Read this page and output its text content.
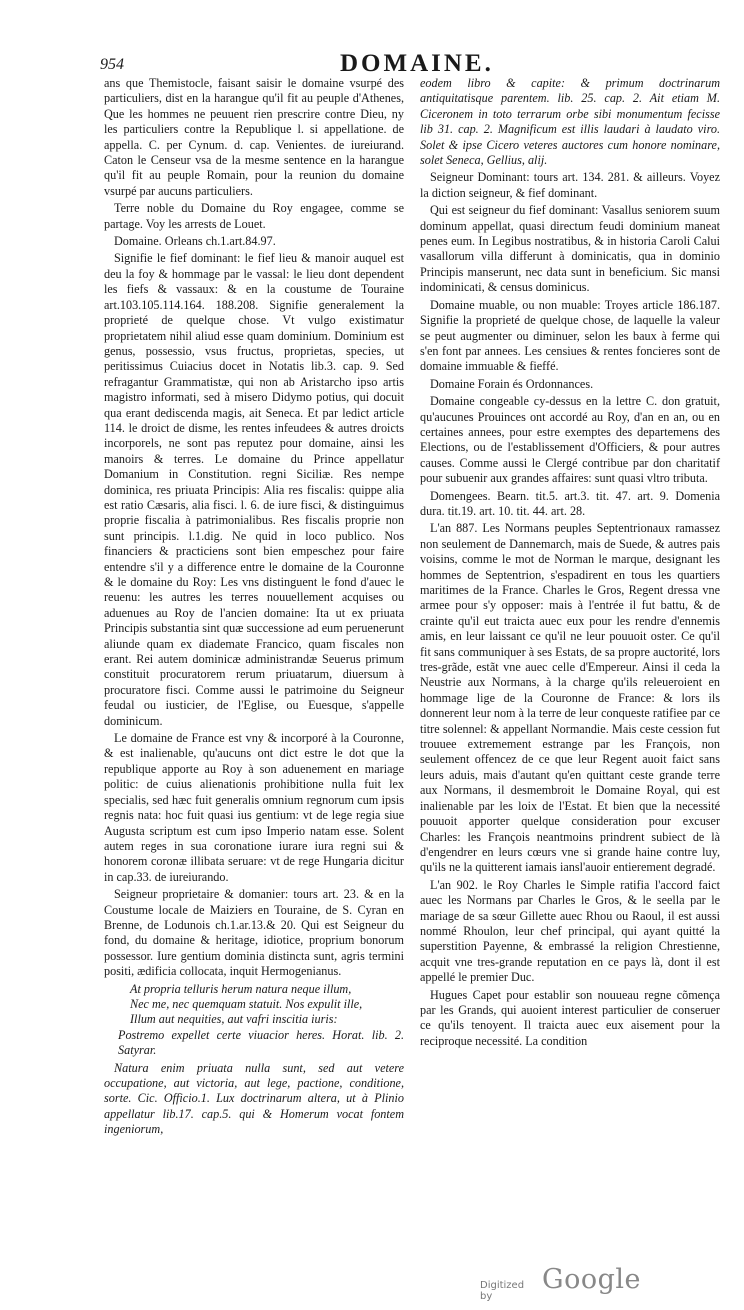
954	DOMAINE.

ans que Themistocle, faisant saisir le domaine vsurpé des particuliers, dist en la harangue qu'il fit au peuple d'Athenes, Que les hommes ne peuuent rien prescrire contre Dieu, ny les particuliers contre la Republique l. si appellatione. de appella. C. per Cynum. d. cap. Venientes. de iureiurand. Caton le Censeur vsa de la mesme sentence en la harangue qu'il fit au peuple Romain, pour la reunion du domaine vsurpé par aucuns particuliers.

Terre noble du Domaine du Roy engagee, comme se partage. Voy les arrests de Louet.

Domaine. Orleans ch.1.art.84.97.

Signifie le fief dominant: le fief lieu & manoir auquel est deu la foy & hommage par le vassal: le lieu dont dependent les fiefs & vassaux: & en la coustume de Touraine art.103.105.114.164. 188.208. Signifie generalement la proprieté de quelque chose. Vt vulgo existimatur proprietatem nihil aliud esse quam dominium. Dominium est genus, possessio, vsus fructus, proprietas, species, ut peritissimus Cuiacius docet in Notatis lib.3. cap. 9. Sed refragantur Grammatistæ, qui non ab Aristarcho ipso artis magistro informati, sed à misero Didymo potius, qui docuit qua erant dediscenda magis, ait Seneca. Et par ledict article 114. le droict de disme, les rentes infeudees & autres droicts incorporels, ne sont pas reputez pour domaine, ainsi les manoirs & terres. Le domaine du Prince appellatur Domanium in Constitution. regni Siciliæ. Res nempe dominica, res priuata Principis: Alia res fiscalis: quippe alia est ratio Cæsaris, alia fisci. l. 6. de iure fisci, & distinguimus proprie fiscalia à patrimonialibus. Res fiscalis proprie non sunt principis. l.1.dig. Ne quid in loco publico. Nos financiers & practiciens sont bien empeschez pour faire entendre s'il y a difference entre le domaine de la Couronne & le domaine du Roy: Les vns distinguent le fond d'auec le reuenu: les autres les terres nouuellement acquises ou aduenues au Roy de l'ancien domaine: Ita ut ex priuata Principis substantia sint quæ successione ad eum peruenerunt aliunde quam ex diademate Francico, quam fiscales non erant. Rei autem dominicæ administrandæ Seuerus primum constituit procuratorem rerum priuatarum, diuersum à procuratore fisci. Comme aussi le patrimoine du Seigneur feudal ou iusticier, de l'Eglise, ou Euesque, s'appelle dominicum.

Le domaine de France est vny & incorporé à la Couronne, & est inalienable, qu'aucuns ont dict estre le dot que la republique apporte au Roy à son aduenement en mariage politic: de cuius alienationis prohibitione nulla fuit lex specialis, sed hæc fuit generalis omnium regnorum cum ipsis regnis nata: hoc fuit quasi ius gentium: vt de lege regia siue Augusta scriptum est cum ipso Imperio natam esse. Solent autem reges in sua coronatione iurare iura regni sui & honorem coronæ illibata seruare: vt de rege Hungaria dicitur in cap.33. de iureiurando.

Seigneur proprietaire & domanier: tours art. 23. & en la Coustume locale de Maiziers en Touraine, de S. Cyran en Brenne, de Lodunois ch.1.ar.13.& 20. Qui est Seigneur du fond, du domaine & heritage, idiotice, proprium bonorum possessor. Iure gentium dominia distincta sunt, agris termini positi, ædificia collocata, inquit Hermogenianus.

At propria telluris herum natura neque illum,

Nec me, nec quemquam statuit. Nos expulit ille,

Illum aut nequities, aut vafri inscitia iuris:

Postremo expellet certe viuacior heres. Horat. lib. 2. Satyrar.

Natura enim priuata nulla sunt, sed aut vetere occupatione, aut victoria, aut lege, pactione, conditione, sorte. Cic. Officio.1. Lux doctrinarum altera, ut à Plinio appellatur lib.17. cap.5. qui & Homerum vocat fontem ingeniorum,

eodem libro & capite: & primum doctrinarum antiquitatisque parentem. lib. 25. cap. 2. Ait etiam M. Ciceronem in toto terrarum orbe sibi monumentum fecisse lib 31. cap. 2. Magnificum est illis laudari à laudato viro. Solet & ipse Cicero veteres auctores cum honore nominare, solet Seneca, Gellius, alij.

Seigneur Dominant: tours art. 134. 281. & ailleurs. Voyez la diction seigneur, & fief dominant.

Qui est seigneur du fief dominant: Vasallus seniorem suum dominum appellat, quasi directum feudi dominium maneat penes eum. In Legibus nostratibus, & in historia Caroli Calui vasallorum villa differunt à dominicatis, qua in dominio Principis manserunt, nec data sunt in beneficium. Sic mansi indominicati, & census dominicus.

Domaine muable, ou non muable: Troyes article 186.187. Signifie la proprieté de quelque chose, de laquelle la valeur se peut augmenter ou diminuer, selon les baux à ferme qui s'en font par annees. Les censiues & rentes foncieres sont de domaine immuable & fieffé.

Domaine Forain és Ordonnances.

Domaine congeable cy-dessus en la lettre C. don gratuit, qu'aucunes Prouinces ont accordé au Roy, d'an en an, ou en certaines annees, pour estre exemptes des departemens des Elections, ou de l'establissement d'Officiers, & pour autres causes. Comme aussi le Clergé contribue par don charitatif pour subuenir aux grandes affaires: sunt quasi vltro tributa.

Domengees. Bearn. tit.5. art.3. tit. 47. art. 9. Domenia dura. tit.19. art. 10. tit. 44. art. 28.

L'an 887. Les Normans peuples Septentrionaux ramassez non seulement de Dannemarch, mais de Suede, & autres pais voisins, comme le mot de Norman le marque, designant les hommes de Septentrion, s'espadirent en tous les quartiers maritimes de la France. Charles le Gros, Regent dressa vne armee pour s'y opposer: mais à l'entrée il fut battu, & de crainte qu'il eut traicta auec eux pour les rendre d'ennemis amis, en leur laissant ce qu'il ne leur pouuoit oster. Ce qu'il fit sans communiquer à ses Estats, de sa propre auctorité, lors tres-grãde, estãt vne auec celle d'Empereur. Ainsi il ceda la Neustrie aux Normans, à la charge qu'ils releueroient en hommage lige de la Couronne de France: & lors ils donnerent leur nom à la terre de leur conqueste ratifiee par ce titre solennel: & appellant Normandie. Mais ceste cession fut trouuee extremement estrange par les François, non seulement offencez de ce que leur Regent auoit faict sans leurs aduis, mais d'autant qu'en quittant ceste grande terre aux Normans, il desmembroit le Domaine Royal, qui est inalienable par les loix de l'Estat. Et bien que la necessité pouuoit apporter quelque consideration pour excuser Charles: les François neantmoins prindrent subiect de là d'engendrer en leurs cœurs vne si grande haine contre luy, qu'ils ne la quitterent iamais iansl'auoir entierement degradé.

L'an 902. le Roy Charles le Simple ratifia l'accord faict auec les Normans par Charles le Gros, & le seella par le mariage de sa sœur Gillette auec Rhou ou Raoul, il est aussi nommé Rhoulon, leur chef principal, qui ayant quitté la superstition Payenne, & embrassé la religion Chrestienne, acquit vne tres-grande reputation en ce pays là, dont il est appellé le premier Duc.

Hugues Capet pour establir son nouueau regne cõmença par les Grands, qui auoient interest particulier de conseruer ce qu'ils tenoyent. Il traicta auec eux aisement pour la reciproque necessité. La condition

Digitized by
Google
